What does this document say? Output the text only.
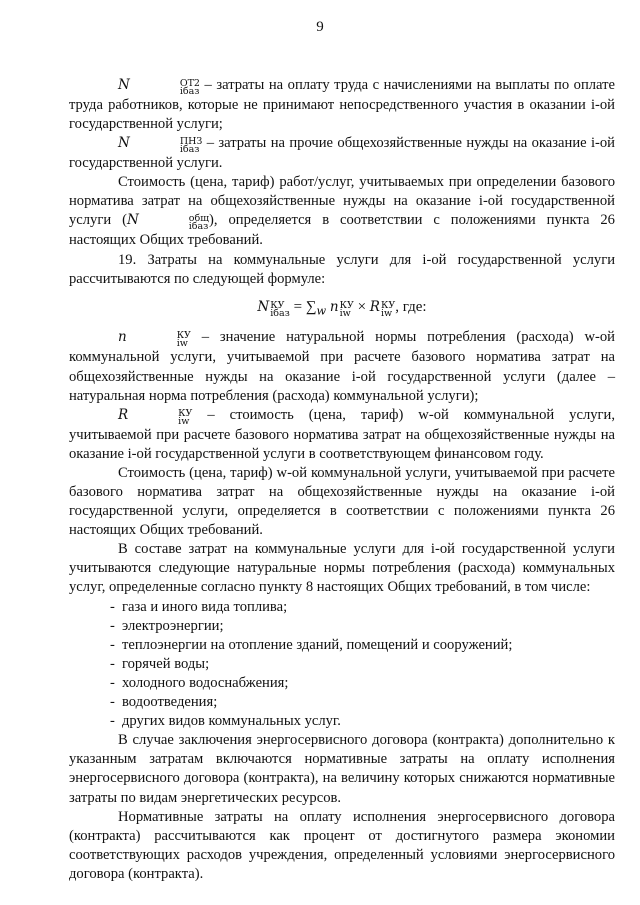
9

N	ОТ2
iбаз – затраты на оплату труда с начислениями на выплаты по оплате труда работников, которые не принимают непосредственного участия в оказании i-ой государственной услуги;

N	ПНЗ
iбаз – затраты на прочие общехозяйственные нужды на оказание i-ой государственной услуги.

Стоимость (цена, тариф) работ/услуг, учитываемых при определении базового норматива затрат на общехозяйственные нужды на оказание i-ой государственной услуги (N	общ
iбаз ), определяется в соответствии с положениями пункта 26 настоящих Общих требований.

19. Затраты на коммунальные услуги для i-ой государственной услуги рассчитываются по следующей формуле:

N КУ
iбаз = $\sum_w$ n КУ
iw × R КУ
iw , где:

n	КУ
iw – значение натуральной нормы потребления (расхода) w-ой коммунальной услуги, учитываемой при расчете базового норматива затрат на общехозяйственные нужды на оказание i-ой государственной услуги (далее – натуральная норма потребления (расхода) коммунальной услуги);

R	КУ
iw – стоимость (цена, тариф) w-ой коммунальной услуги, учитываемой при расчете базового норматива затрат на общехозяйственные нужды на оказание i-ой государственной услуги в соответствующем финансовом году.

Стоимость (цена, тариф) w-ой коммунальной услуги, учитываемой при расчете базового норматива затрат на общехозяйственные нужды на оказание i-ой государственной услуги, определяется в соответствии с положениями пункта 26 настоящих Общих требований.

В составе затрат на коммунальные услуги для i-ой государственной услуги учитываются следующие натуральные нормы потребления (расхода) коммунальных услуг, определенные согласно пункту 8 настоящих Общих требований, в том числе:

- газа и иного вида топлива;
- электроэнергии;
- теплоэнергии на отопление зданий, помещений и сооружений;
- горячей воды;
- холодного водоснабжения;
- водоотведения;
- других видов коммунальных услуг.

В случае заключения энергосервисного договора (контракта) дополнительно к указанным затратам включаются нормативные затраты на оплату исполнения энергосервисного договора (контракта), на величину которых снижаются нормативные затраты по видам энергетических ресурсов.

Нормативные затраты на оплату исполнения энергосервисного договора (контракта) рассчитываются как процент от достигнутого размера экономии соответствующих расходов учреждения, определенный условиями энергосервисного договора (контракта).
